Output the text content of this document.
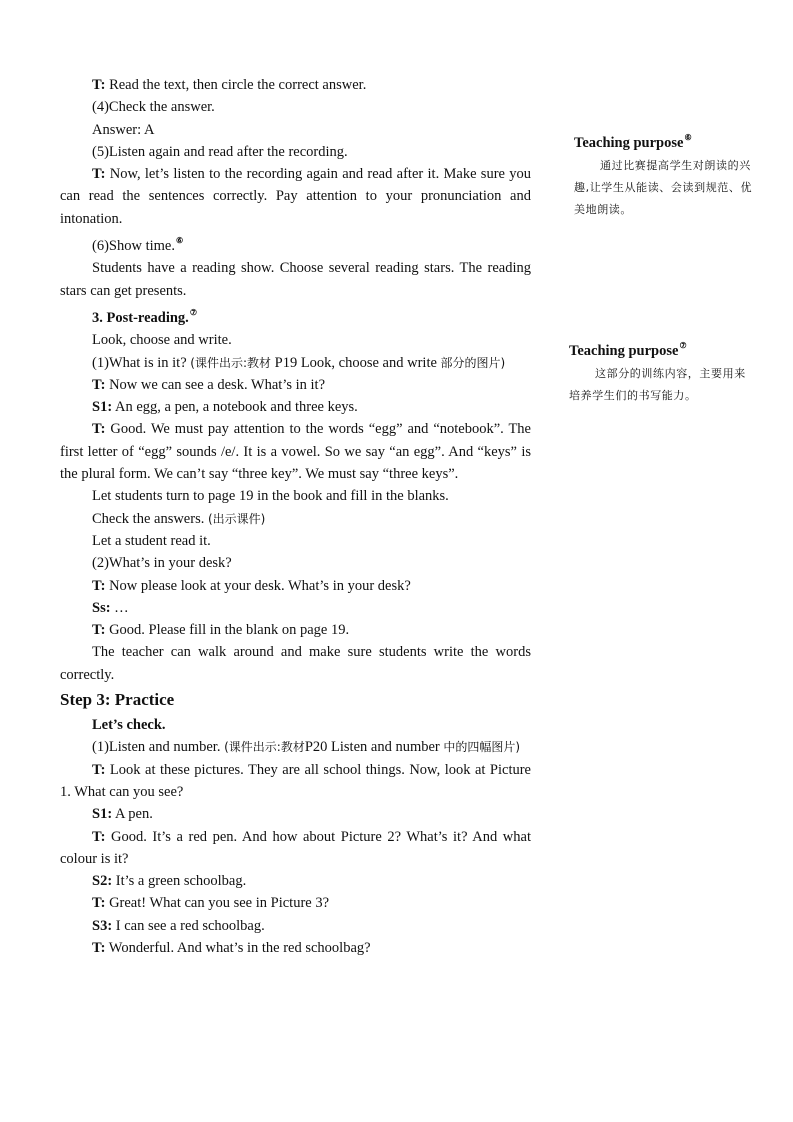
T: Read the text, then circle the correct answer.

(4)Check the answer.

Answer: A

(5)Listen again and read after the recording.

T: Now, let’s listen to the recording again and read after it. Make sure you can read the sentences correctly. Pay attention to your pronunciation and intonation.

(6)Show time.⑥

Students have a reading show. Choose several reading stars. The reading stars can get presents.

3. Post-reading.⑦

Look, choose and write.

(1)What is in it? (课件出示:教材 P19 Look, choose and write 部分的图片)

T: Now we can see a desk. What’s in it?

S1: An egg, a pen, a notebook and three keys.

T: Good. We must pay attention to the words “egg” and “notebook”. The first letter of “egg” sounds /e/. It is a vowel. So we say “an egg”. And “keys” is the plural form. We can’t say “three key”. We must say “three keys”.

Let students turn to page 19 in the book and fill in the blanks.

Check the answers. (出示课件)

Let a student read it.

(2)What’s in your desk?

T: Now please look at your desk. What’s in your desk?

Ss: …

T: Good. Please fill in the blank on page 19.

The teacher can walk around and make sure students write the words correctly.

Step 3: Practice

Let’s check.

(1)Listen and number. (课件出示:教材P20 Listen and number 中的四幅图片)

T: Look at these pictures. They are all school things. Now, look at Picture 1. What can you see?

S1: A pen.

T: Good. It’s a red pen. And how about Picture 2? What’s it? And what colour is it?

S2: It’s a green schoolbag.

T: Great! What can you see in Picture 3?

S3: I can see a red schoolbag.

T: Wonderful. And what’s in the red schoolbag?

Teaching purpose⑥

通过比赛提高学生对朗读的兴趣,让学生从能读、会读到规范、优美地朗读。

Teaching purpose⑦

这部分的训练内容，主要用来培养学生们的书写能力。
